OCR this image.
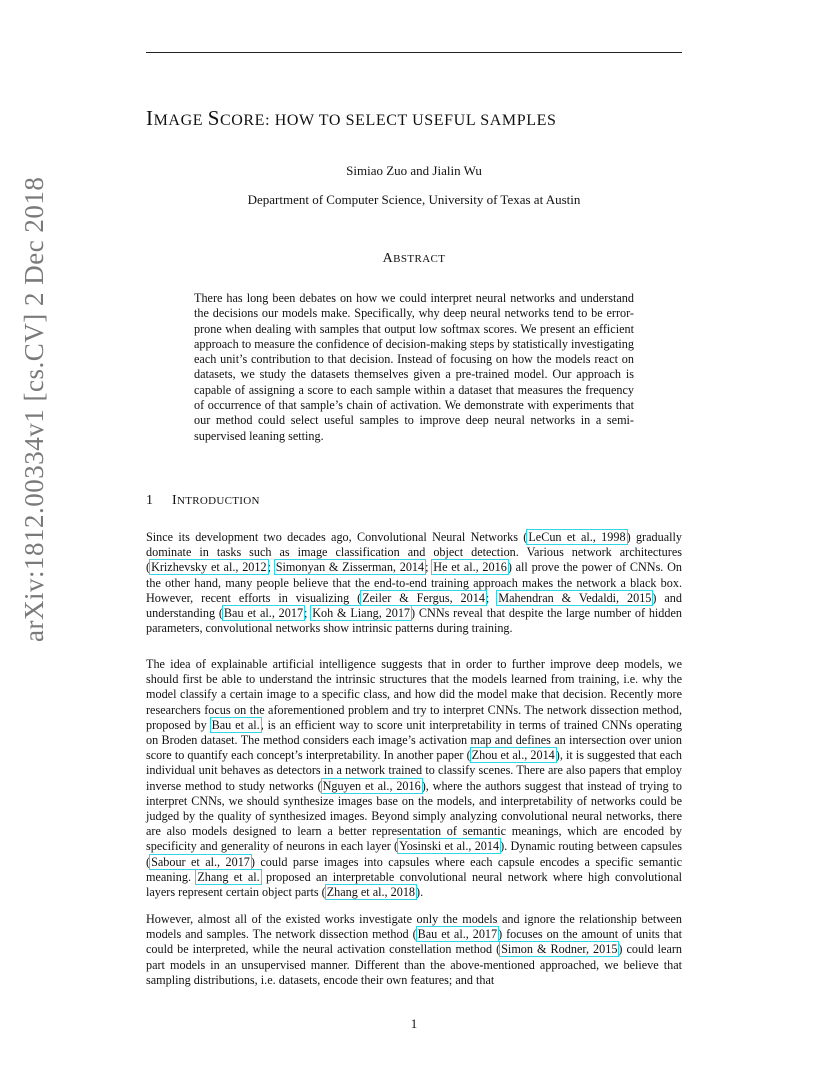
IMAGE SCORE: HOW TO SELECT USEFUL SAMPLES
Simiao Zuo and Jialin Wu
Department of Computer Science, University of Texas at Austin
ABSTRACT

There has long been debates on how we could interpret neural networks and understand the decisions our models make. Specifically, why deep neural networks tend to be error-prone when dealing with samples that output low softmax scores. We present an efficient approach to measure the confidence of decision-making steps by statistically investigating each unit’s contribution to that decision. Instead of focusing on how the models react on datasets, we study the datasets themselves given a pre-trained model. Our approach is capable of assigning a score to each sample within a dataset that measures the frequency of occurrence of that sample’s chain of activation. We demonstrate with experiments that our method could select useful samples to improve deep neural networks in a semi-supervised leaning setting.

1 INTRODUCTION

Since its development two decades ago, Convolutional Neural Networks (LeCun et al., 1998) gradually dominate in tasks such as image classification and object detection. Various network architectures (Krizhevsky et al., 2012; Simonyan & Zisserman, 2014; He et al., 2016) all prove the power of CNNs. On the other hand, many people believe that the end-to-end training approach makes the network a black box. However, recent efforts in visualizing (Zeiler & Fergus, 2014; Mahendran & Vedaldi, 2015) and understanding (Bau et al., 2017; Koh & Liang, 2017) CNNs reveal that despite the large number of hidden parameters, convolutional networks show intrinsic patterns during training.

The idea of explainable artificial intelligence suggests that in order to further improve deep models, we should first be able to understand the intrinsic structures that the models learned from training, i.e. why the model classify a certain image to a specific class, and how did the model make that decision. Recently more researchers focus on the aforementioned problem and try to interpret CNNs. The network dissection method, proposed by Bau et al., is an efficient way to score unit interpretability in terms of trained CNNs operating on Broden dataset. The method considers each image’s activation map and defines an intersection over union score to quantify each concept’s interpretability. In another paper (Zhou et al., 2014), it is suggested that each individual unit behaves as detectors in a network trained to classify scenes. There are also papers that employ inverse method to study networks (Nguyen et al., 2016), where the authors suggest that instead of trying to interpret CNNs, we should synthesize images base on the models, and interpretability of networks could be judged by the quality of synthesized images. Beyond simply analyzing convolutional neural networks, there are also models designed to learn a better representation of semantic meanings, which are encoded by specificity and generality of neurons in each layer (Yosinski et al., 2014). Dynamic routing between capsules (Sabour et al., 2017) could parse images into capsules where each capsule encodes a specific semantic meaning. Zhang et al. proposed an interpretable convolutional neural network where high convolutional layers represent certain object parts (Zhang et al., 2018).

However, almost all of the existed works investigate only the models and ignore the relationship between models and samples. The network dissection method (Bau et al., 2017) focuses on the amount of units that could be interpreted, while the neural activation constellation method (Simon & Rodner, 2015) could learn part models in an unsupervised manner. Different than the above-mentioned approached, we believe that sampling distributions, i.e. datasets, encode their own features; and that

1
arXiv:1812.00334v1 [cs.CV] 2 Dec 2018
